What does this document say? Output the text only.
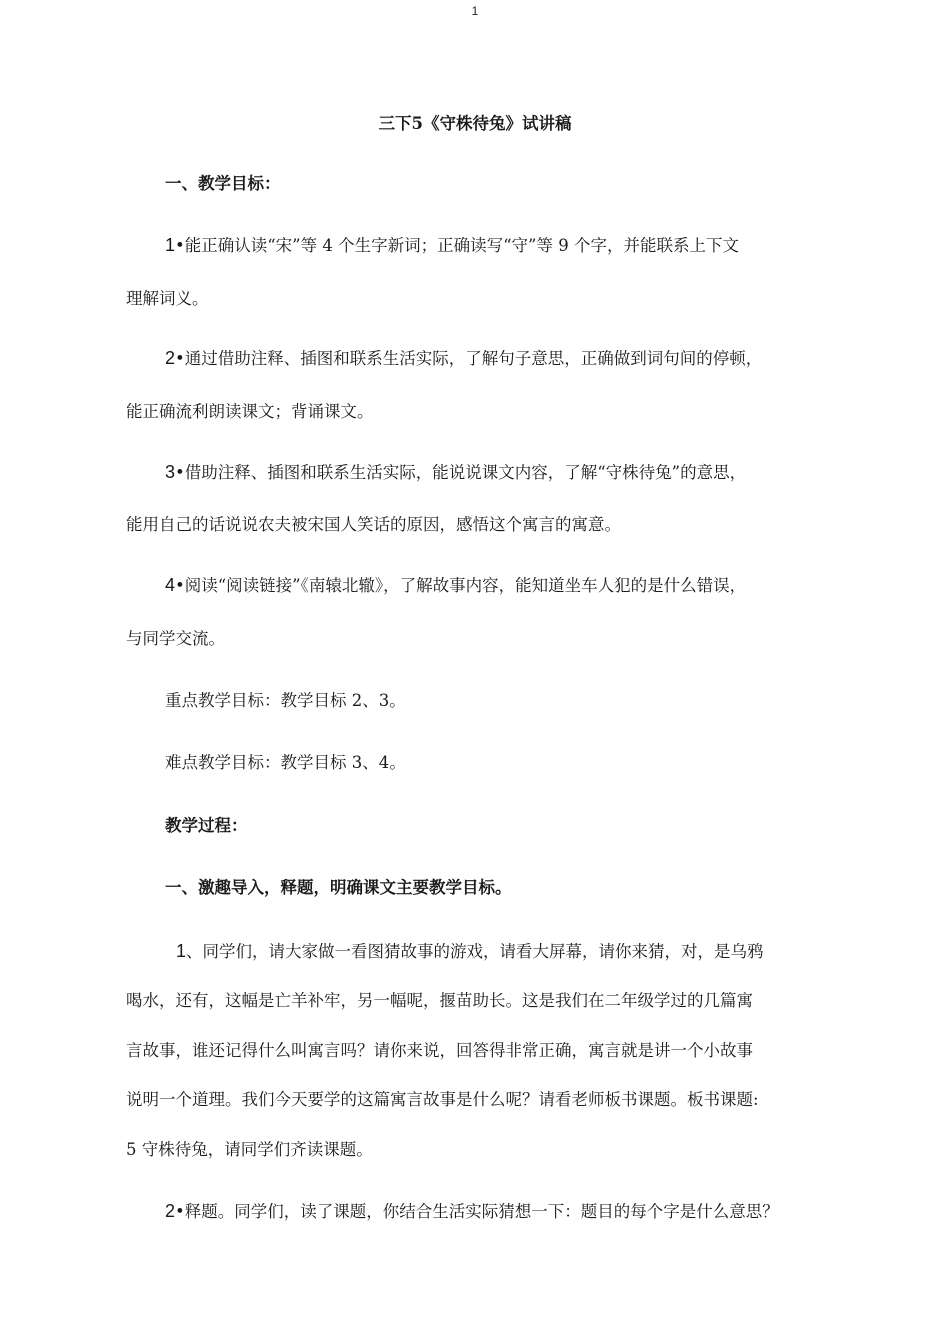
1
三下5《守株待兔》试讲稿
一、教学目标：
1•能正确认读“宋”等 4 个生字新词；正确读写“守”等 9 个字，并能联系上下文
理解词义。
2•通过借助注释、插图和联系生活实际，了解句子意思，正确做到词句间的停顿，
能正确流利朗读课文；背诵课文。
3•借助注释、插图和联系生活实际，能说说课文内容，了解“守株待兔”的意思，
能用自己的话说说农夫被宋国人笑话的原因，感悟这个寓言的寓意。
4•阅读“阅读链接”《南辕北辙》，了解故事内容，能知道坐车人犯的是什么错误，
与同学交流。
重点教学目标：教学目标 2、3。
难点教学目标：教学目标 3、4。
教学过程：
一、激趣导入，释题，明确课文主要教学目标。
1、同学们，请大家做一看图猜故事的游戏，请看大屏幕，请你来猜，对，是乌鸦
喝水，还有，这幅是亡羊补牢，另一幅呢，揠苗助长。这是我们在二年级学过的几篇寓
言故事，谁还记得什么叫寓言吗？请你来说，回答得非常正确，寓言就是讲一个小故事
说明一个道理。我们今天要学的这篇寓言故事是什么呢？请看老师板书课题。板书课题:
5 守株待兔，请同学们齐读课题。
2•释题。同学们，读了课题，你结合生活实际猜想一下：题目的每个字是什么意思？
